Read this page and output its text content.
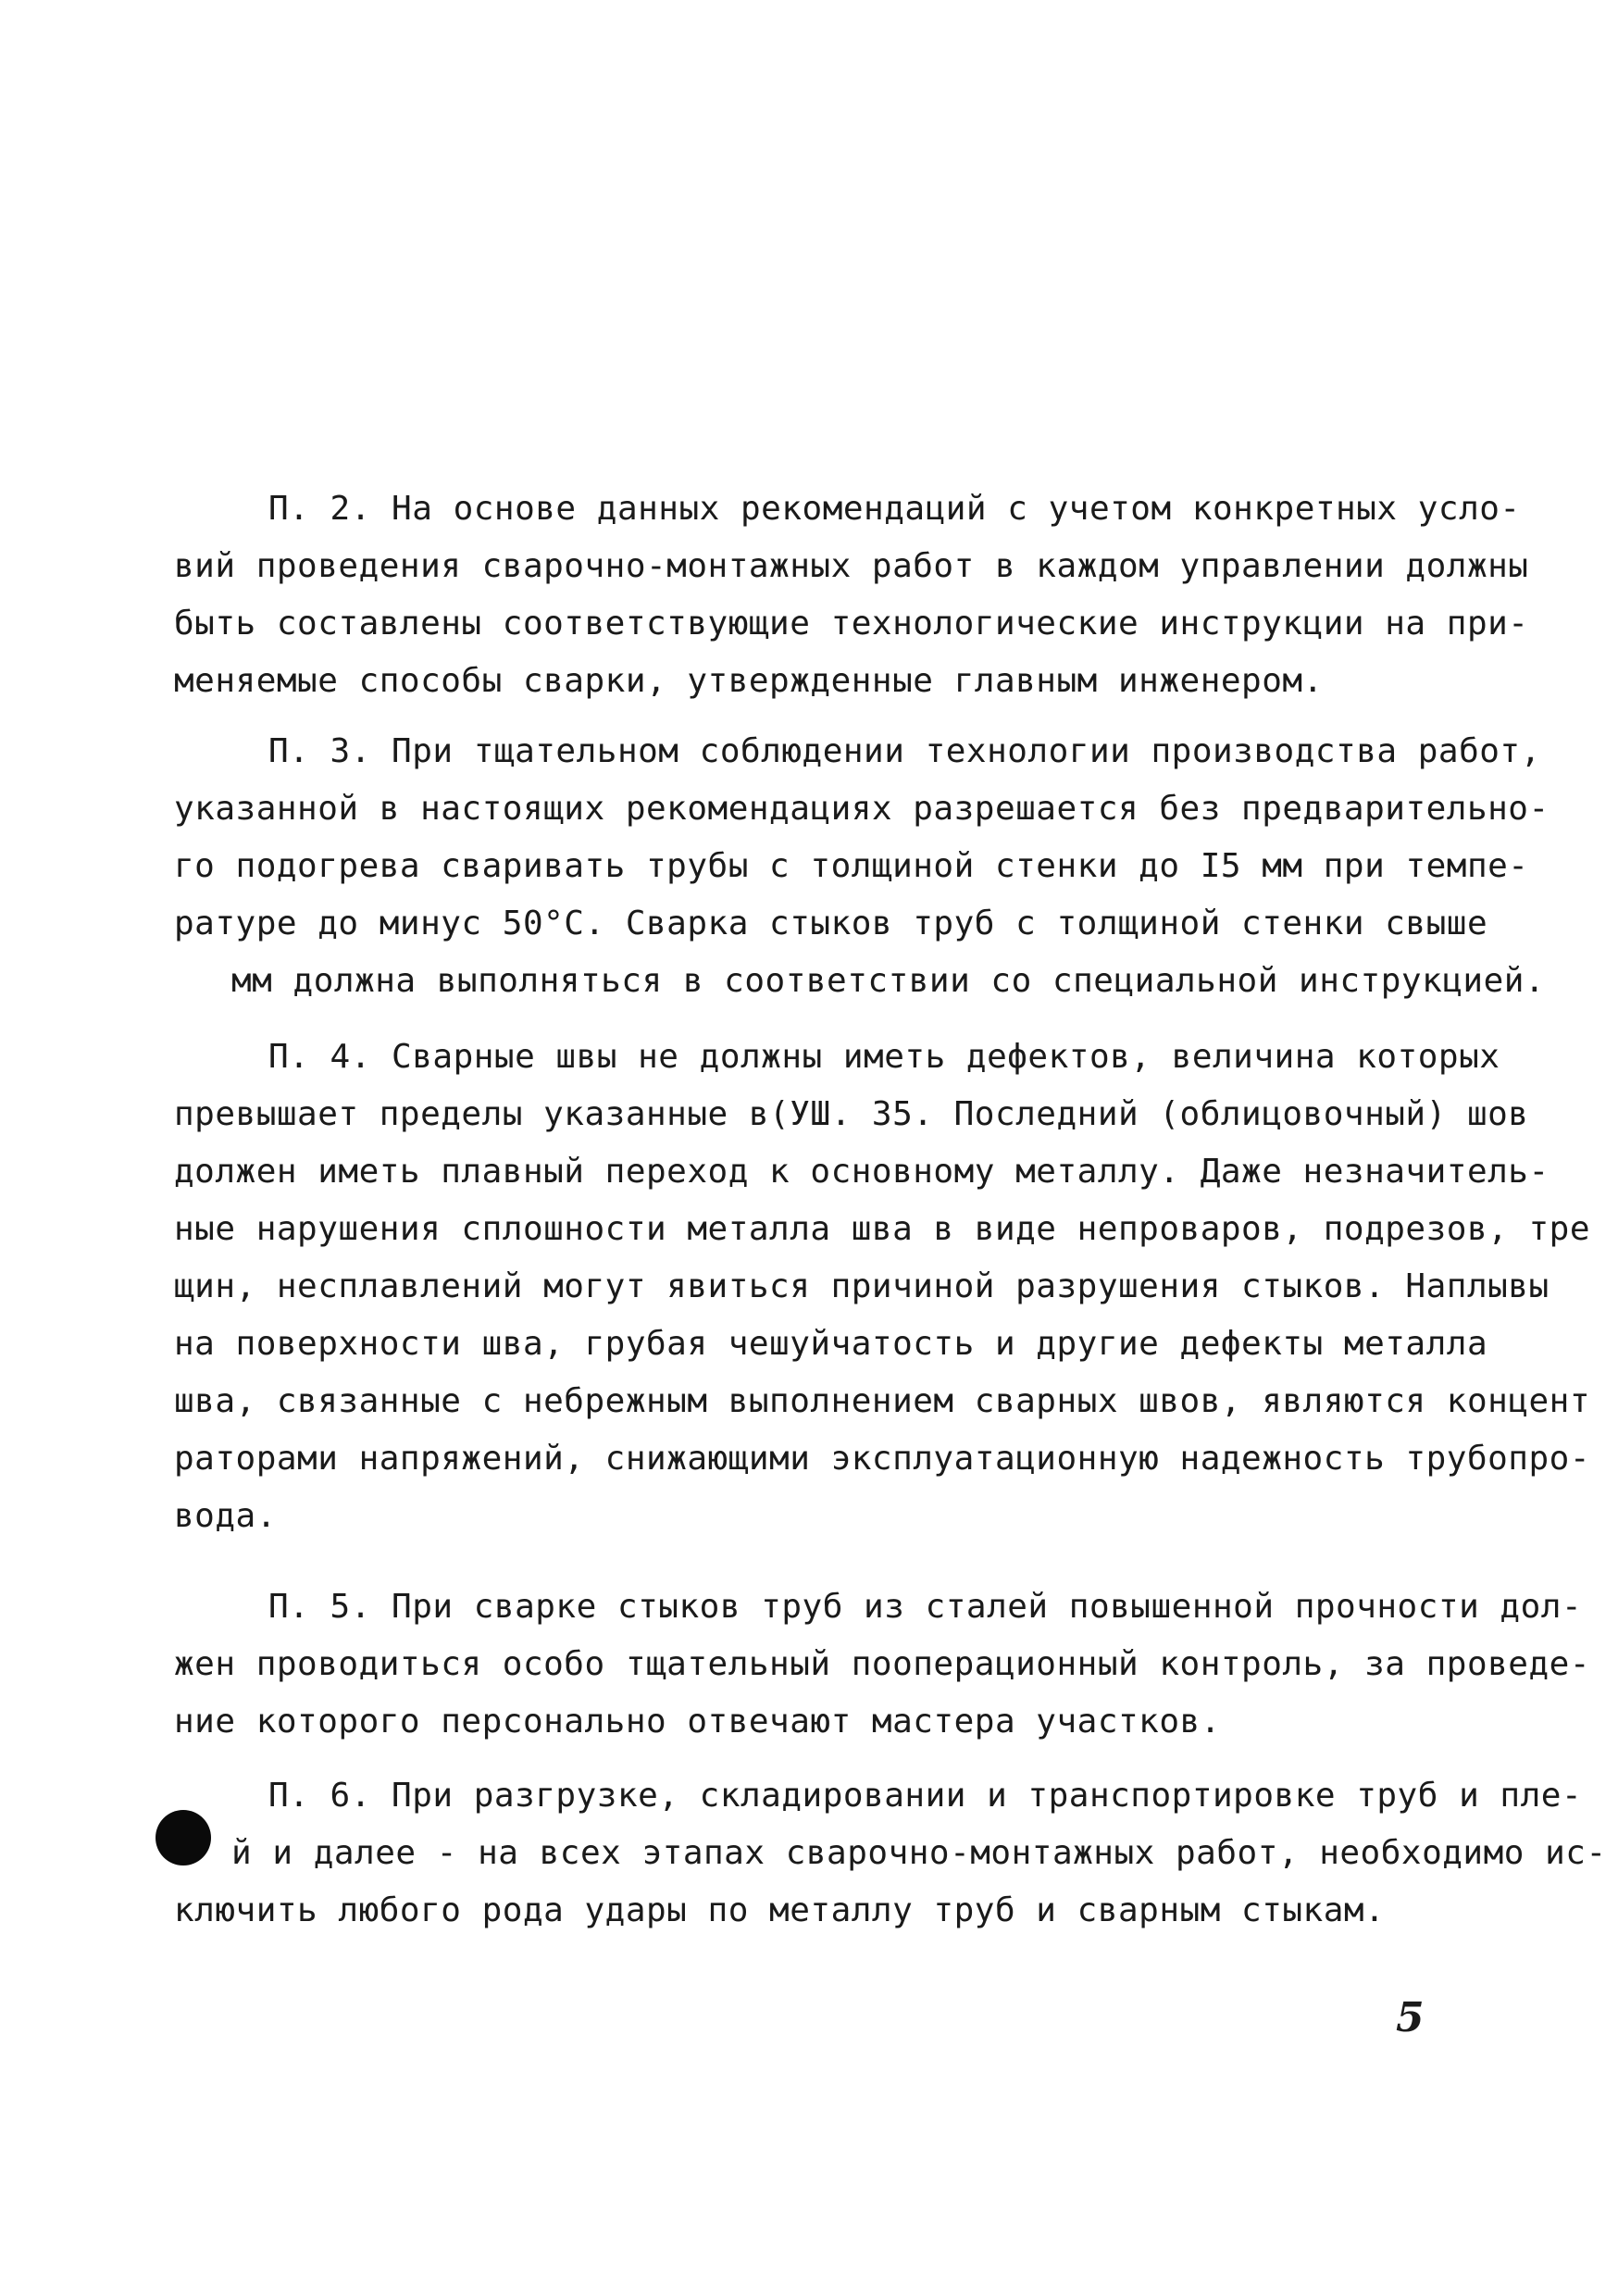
П. 2. На основе данных рекомендаций с учетом конкретных усло-
вий проведения сварочно-монтажных работ в каждом управлении должны
быть составлены соответствующие технологические инструкции на при-
меняемые способы сварки, утвержденные главным инженером.
П. 3. При тщательном соблюдении технологии производства работ,
указанной в настоящих рекомендациях разрешается без предварительно-
го подогрева сваривать трубы с толщиной стенки до I5 мм при темпе-
ратуре до минус 50°С. Сварка стыков труб с толщиной стенки свыше
мм должна выполняться в соответствии со специальной инструкцией.
П. 4. Сварные швы не должны иметь дефектов, величина которых
превышает пределы указанные в(УШ. 35. Последний (облицовочный) шов
должен иметь плавный переход к основному металлу. Даже незначитель-
ные нарушения сплошности металла шва в виде непроваров, подрезов, тре
щин, несплавлений могут явиться причиной разрушения стыков. Наплывы
на поверхности шва, грубая чешуйчатость и другие дефекты металла
шва, связанные с небрежным выполнением сварных швов, являются концент
раторами напряжений, снижающими эксплуатационную надежность трубопро-
вода.
П. 5. При сварке стыков труб из сталей повышенной прочности дол-
жен проводиться особо тщательный пооперационный контроль, за проведе-
ние которого персонально отвечают мастера участков.
П. 6. При разгрузке, складировании и транспортировке труб и пле-
й и далее - на всех этапах сварочно-монтажных работ, необходимо ис-
ключить любого рода удары по металлу труб и сварным стыкам.
5
